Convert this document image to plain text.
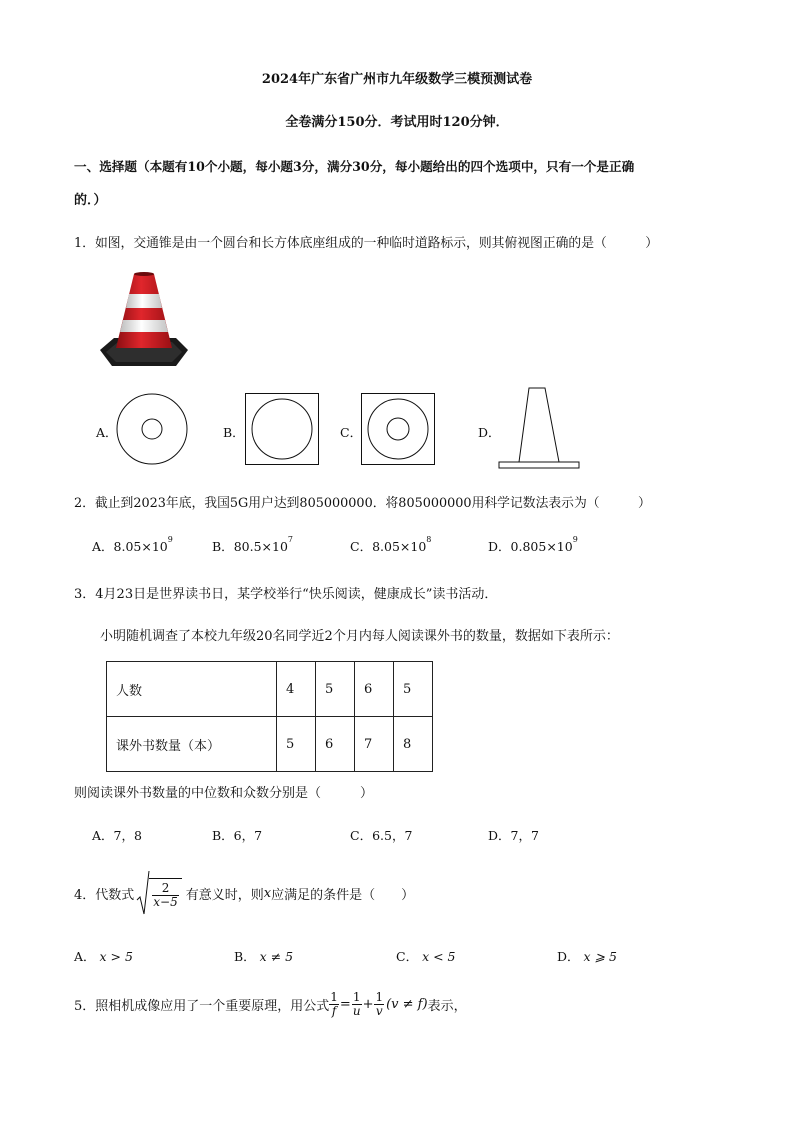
2024年广东省广州市九年级数学三模预测试卷
全卷满分150分．考试用时120分钟．
一、选择题（本题有10个小题，每小题3分，满分30分，每小题给出的四个选项中，只有一个是正确
的．）
1．如图，交通锥是由一个圆台和长方体底座组成的一种临时道路标示，则其俯视图正确的是（　　　）
A．	B．	C．	D．
2．截止到2023年底，我国5G用户达到805000000．将805000000用科学记数法表示为（　　　）
A．$8.05\times 10^9$	B．$80.5\times 10^7$	C．$8.05\times 10^8$	D．$0.805\times 10^9$
3．4月23日是世界读书日，某学校举行“快乐阅读，健康成长”读书活动．
小明随机调查了本校九年级20名同学近2个月内每人阅读课外书的数量，数据如下表所示：
人数	4	5	6	5
课外书数量（本）	5	6	7	8
则阅读课外书数量的中位数和众数分别是（　　　）
A．7，8	B．6，7	C．6.5，7	D．7，7
4．代数式 $\frac{2}{x-5}$ 有意义时，则 x 应满足的条件是（　　）
A． x > 5	B． x ≠ 5	C． x < 5	D． x ⩾ 5
5．照相机成像应用了一个重要原理，用公式 $\frac{1}{f} = \frac{1}{u} + \frac{1}{v} (v \ne f)$ 表示，
